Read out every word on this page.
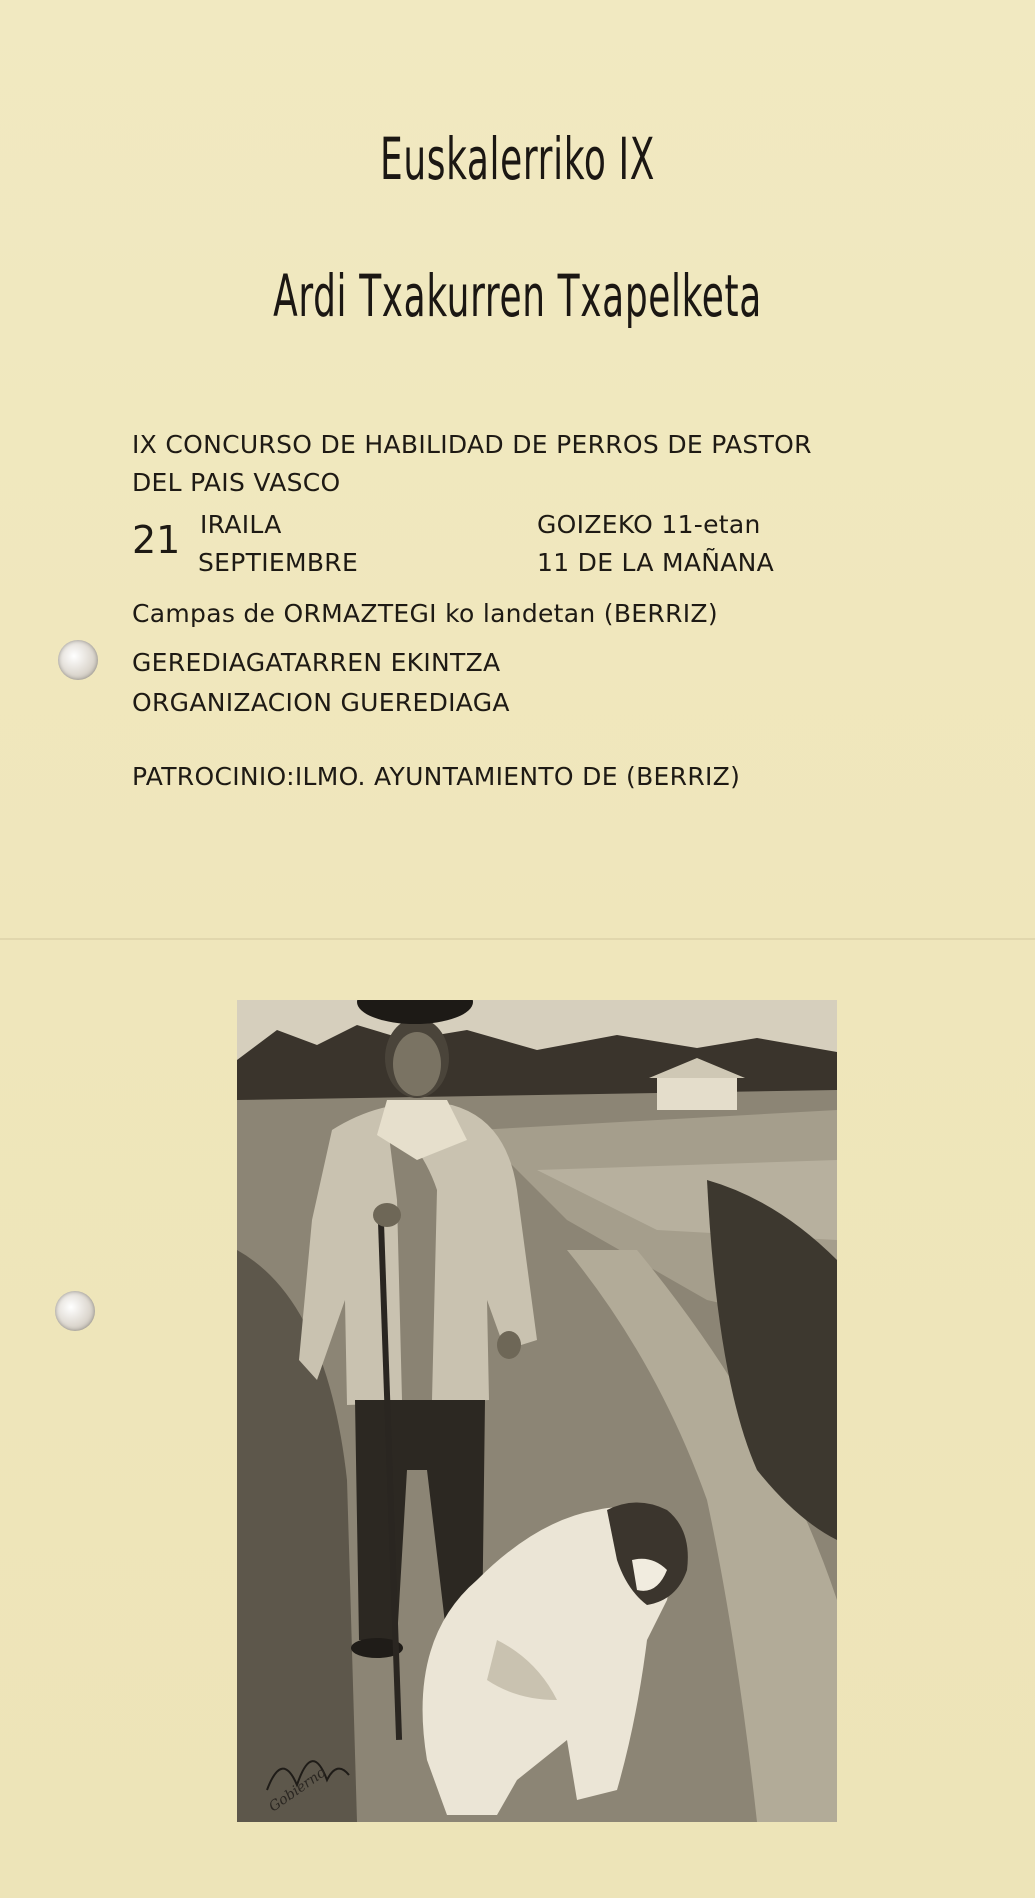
Euskalerriko IX
Ardi Txakurren Txapelketa
IX CONCURSO DE HABILIDAD DE PERROS DE PASTOR
DEL PAIS VASCO
21 IRAILA
SEPTIEMBRE
GOIZEKO 11-etan
11 DE LA MAÑANA
Campas de ORMAZTEGI ko landetan (BERRIZ)
GEREDIAGATARREN EKINTZA
ORGANIZACION GUEREDIAGA
PATROCINIO:ILMO. AYUNTAMIENTO DE (BERRIZ)
Gobierno
